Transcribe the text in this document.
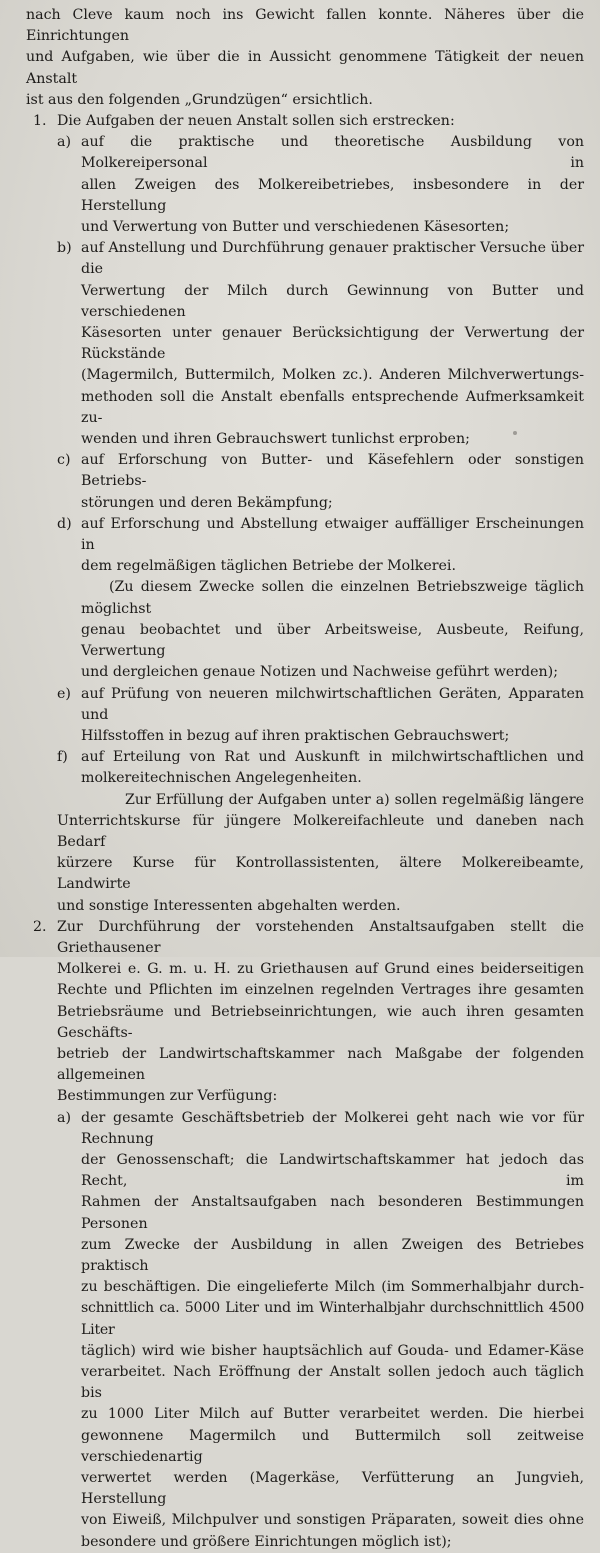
nach Cleve kaum noch ins Gewicht fallen konnte. Näheres über die Einrichtungen
und Aufgaben, wie über die in Aussicht genommene Tätigkeit der neuen Anstalt
ist aus den folgenden „Grundzügen“ ersichtlich.
1. Die Aufgaben der neuen Anstalt sollen sich erstrecken:
a) auf die praktische und theoretische Ausbildung von Molkereipersonal in
allen Zweigen des Molkereibetriebes, insbesondere in der Herstellung
und Verwertung von Butter und verschiedenen Käsesorten;
b) auf Anstellung und Durchführung genauer praktischer Versuche über die
Verwertung der Milch durch Gewinnung von Butter und verschiedenen
Käsesorten unter genauer Berücksichtigung der Verwertung der Rückstände
(Magermilch, Buttermilch, Molken zc.). Anderen Milchverwertungs-
methoden soll die Anstalt ebenfalls entsprechende Aufmerksamkeit zu-
wenden und ihren Gebrauchswert tunlichst erproben;
c) auf Erforschung von Butter- und Käsefehlern oder sonstigen Betriebs-
störungen und deren Bekämpfung;
d) auf Erforschung und Abstellung etwaiger auffälliger Erscheinungen in
dem regelmäßigen täglichen Betriebe der Molkerei.
(Zu diesem Zwecke sollen die einzelnen Betriebszweige täglich möglichst
genau beobachtet und über Arbeitsweise, Ausbeute, Reifung, Verwertung
und dergleichen genaue Notizen und Nachweise geführt werden);
e) auf Prüfung von neueren milchwirtschaftlichen Geräten, Apparaten und
Hilfsstoffen in bezug auf ihren praktischen Gebrauchswert;
f) auf Erteilung von Rat und Auskunft in milchwirtschaftlichen und
molkereitechnischen Angelegenheiten.
Zur Erfüllung der Aufgaben unter a) sollen regelmäßig längere
Unterrichtskurse für jüngere Molkereifachleute und daneben nach Bedarf
kürzere Kurse für Kontrollassistenten, ältere Molkereibeamte, Landwirte
und sonstige Interessenten abgehalten werden.
2. Zur Durchführung der vorstehenden Anstaltsaufgaben stellt die Griethausener
Molkerei e. G. m. u. H. zu Griethausen auf Grund eines beiderseitigen
Rechte und Pflichten im einzelnen regelnden Vertrages ihre gesamten
Betriebsräume und Betriebseinrichtungen, wie auch ihren gesamten Geschäfts-
betrieb der Landwirtschaftskammer nach Maßgabe der folgenden allgemeinen
Bestimmungen zur Verfügung:
a) der gesamte Geschäftsbetrieb der Molkerei geht nach wie vor für Rechnung
der Genossenschaft; die Landwirtschaftskammer hat jedoch das Recht, im
Rahmen der Anstaltsaufgaben nach besonderen Bestimmungen Personen
zum Zwecke der Ausbildung in allen Zweigen des Betriebes praktisch
zu beschäftigen. Die eingelieferte Milch (im Sommerhalbjahr durch-
schnittlich ca. 5000 Liter und im Winterhalbjahr durchschnittlich 4500 Liter
täglich) wird wie bisher hauptsächlich auf Gouda- und Edamer-Käse
verarbeitet. Nach Eröffnung der Anstalt sollen jedoch auch täglich bis
zu 1000 Liter Milch auf Butter verarbeitet werden. Die hierbei
gewonnene Magermilch und Buttermilch soll zeitweise verschiedenartig
verwertet werden (Magerkäse, Verfütterung an Jungvieh, Herstellung
von Eiweiß, Milchpulver und sonstigen Präparaten, soweit dies ohne
besondere und größere Einrichtungen möglich ist);
